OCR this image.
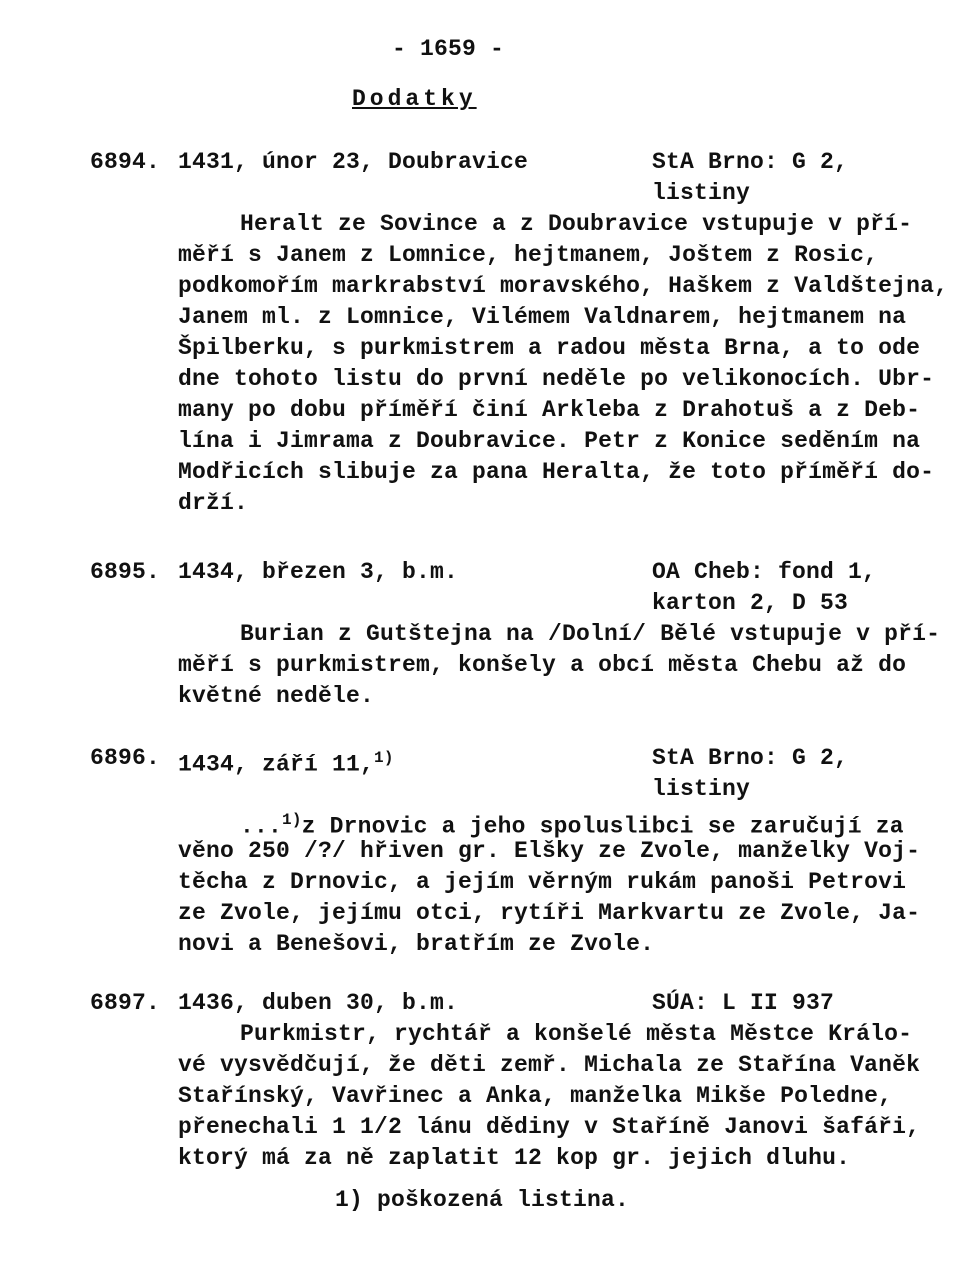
- 1659 -
Dodatky
6894. 1431, únor 23, Doubravice	StA Brno: G 2,
listiny
Heralt ze Sovince a z Doubravice vstupuje v pří-
měří s Janem z Lomnice, hejtmanem, Joštem z Rosic,
podkomořím markrabství moravského, Haškem z Valdštejna,
Janem ml. z Lomnice, Vilémem Valdnarem, hejtmanem na
Špilberku, s purkmistrem a radou města Brna, a to ode
dne tohoto listu do první neděle po velikonocích. Ubr-
many po dobu příměří činí Arkleba z Drahotuš a z Deb-
lína i Jimrama z Doubravice. Petr z Konice seděním na
Modřicích slibuje za pana Heralta, že toto příměří do-
drží.
6895. 1434, březen 3, b.m.	OA Cheb: fond 1,
karton 2, D 53
Burian z Gutštejna na /Dolní/ Bělé vstupuje v pří-
měří s purkmistrem, konšely a obcí města Chebu až do
květné neděle.
6896. 1434, září 11,$^{1)}$	StA Brno: G 2,
listiny
...$^{1)}$z Drnovic a jeho spoluslibci se zaručují za
věno 250 /?/ hřiven gr. Elšky ze Zvole, manželky Voj-
těcha z Drnovic, a jejím věrným rukám panoši Petrovi
ze Zvole, jejímu otci, rytíři Markvartu ze Zvole, Ja-
novi a Benešovi, bratřím ze Zvole.
6897. 1436, duben 30, b.m.	SÚA: L II 937
Purkmistr, rychtář a konšelé města Městce Králo-
vé vysvědčují, že děti zemř. Michala ze Stařína Vaněk
Stařínský, Vavřinec a Anka, manželka Mikše Poledne,
přenechali 1 1/2 lánu dědiny v Staříně Janovi šafáři,
ktorý má za ně zaplatit 12 kop gr. jejich dluhu.
1) poškozená listina.
